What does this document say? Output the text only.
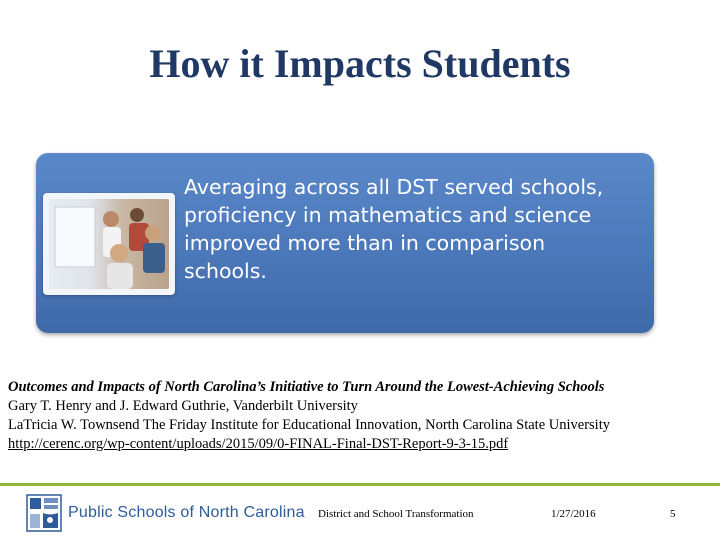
How it Impacts Students
Averaging across all DST served schools,
proficiency in mathematics and science
improved more than in comparison
schools.
Outcomes and Impacts of North Carolina’s Initiative to Turn Around the Lowest-Achieving Schools
Gary T. Henry and J. Edward Guthrie, Vanderbilt University
LaTricia W. Townsend The Friday Institute for Educational Innovation, North Carolina State University
http://cerenc.org/wp-content/uploads/2015/09/0-FINAL-Final-DST-Report-9-3-15.pdf
Public Schools of North Carolina District and School Transformation	1/27/2016	5
